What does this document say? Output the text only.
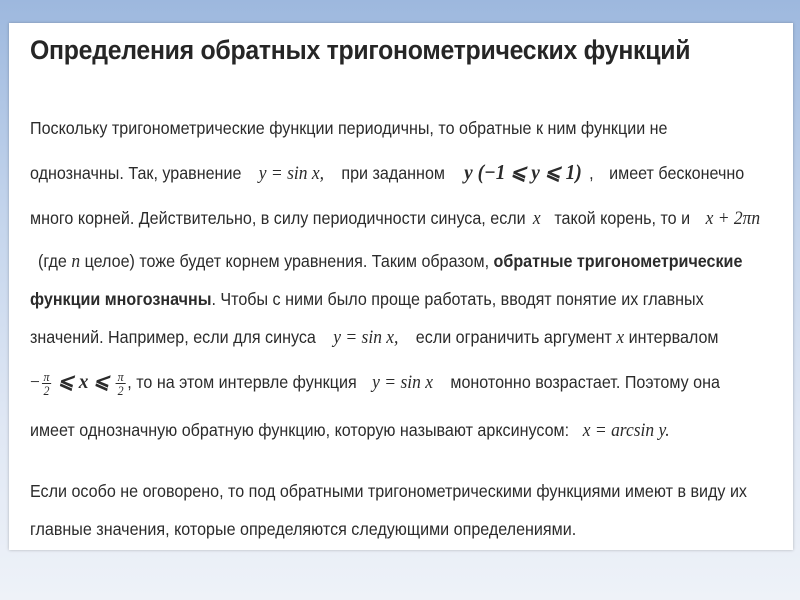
Определения обратных тригонометрических функций
Поскольку тригонометрические функции периодичны, то обратные к ним функции не
однозначны. Так, уравнение y = sin x, при заданном y (−1 ⩽ y ⩽ 1) , имеет бесконечно
много корней. Действительно, в силу периодичности синуса, если x такой корень, то и x + 2πn
(где n целое) тоже будет корнем уравнения. Таким образом, обратные тригонометрические
функции многозначны. Чтобы с ними было проще работать, вводят понятие их главных
значений. Например, если для синуса y = sin x, если ограничить аргумент x интервалом
− $\frac{\pi}{2}$ ⩽ x ⩽ $\frac{\pi}{2}$ , то на этом интервле функция y = sin x монотонно возрастает. Поэтому она
имеет однозначную обратную функцию, которую называют арксинусом: x = arcsin y.
Если особо не оговорено, то под обратными тригонометрическими функциями имеют в виду их
главные значения, которые определяются следующими определениями.
